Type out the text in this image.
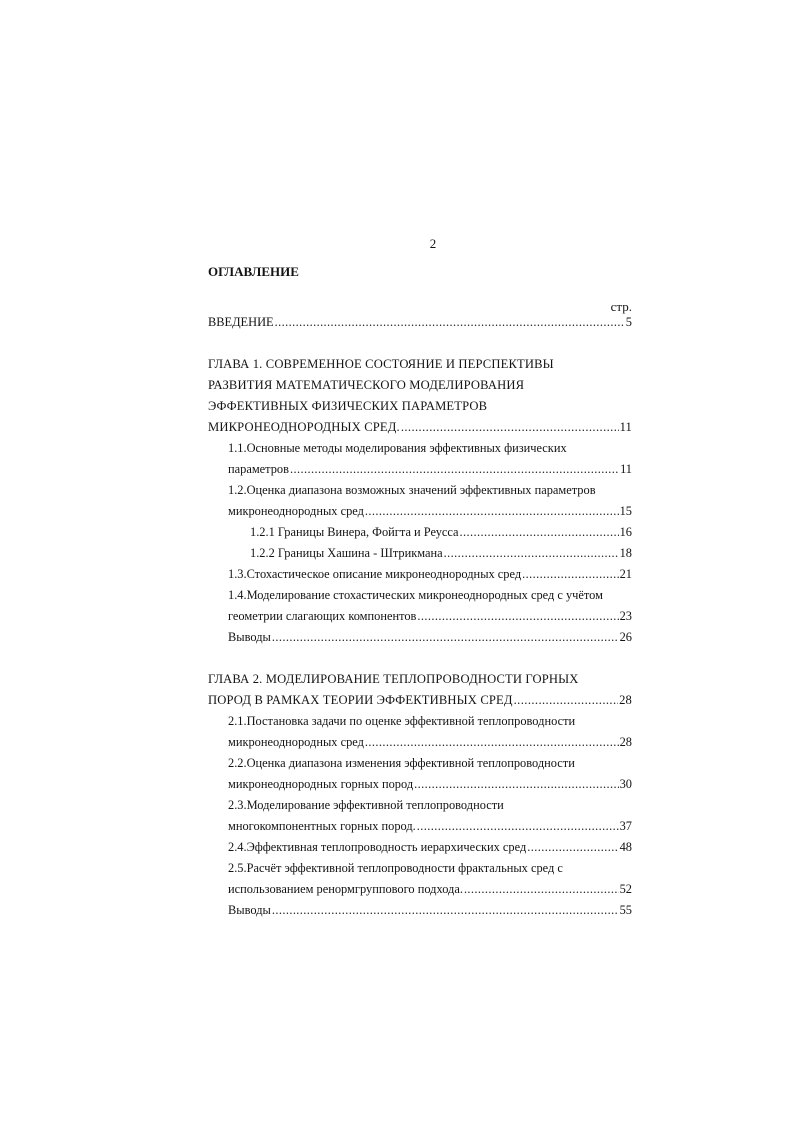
2
ОГЛАВЛЕНИЕ
стр.
ВВЕДЕНИЕ .....	5
ГЛАВА 1. СОВРЕМЕННОЕ СОСТОЯНИЕ И ПЕРСПЕКТИВЫ
РАЗВИТИЯ МАТЕМАТИЧЕСКОГО МОДЕЛИРОВАНИЯ
ЭФФЕКТИВНЫХ ФИЗИЧЕСКИХ ПАРАМЕТРОВ
МИКРОНЕОДНОРОДНЫХ СРЕД. .....	11
1.1.Основные методы моделирования эффективных физических
параметров .....	11
1.2.Оценка диапазона возможных значений эффективных параметров
микронеоднородных сред .....	15
1.2.1 Границы Винера, Фойгта и Реусса .....	16
1.2.2 Границы Хашина - Штрикмана .....	18
1.3.Стохастическое описание микронеоднородных сред .....	21
1.4.Моделирование стохастических микронеоднородных сред с учётом
геометрии слагающих компонентов .....	23
Выводы .....	26
ГЛАВА 2. МОДЕЛИРОВАНИЕ ТЕПЛОПРОВОДНОСТИ ГОРНЫХ
ПОРОД В РАМКАХ ТЕОРИИ ЭФФЕКТИВНЫХ СРЕД .....	28
2.1.Постановка задачи по оценке эффективной теплопроводности
микронеоднородных сред .....	28
2.2.Оценка диапазона изменения эффективной теплопроводности
микронеоднородных горных пород .....	30
2.3.Моделирование эффективной теплопроводности
многокомпонентных горных пород. .....	37
2.4.Эффективная теплопроводность иерархических сред .....	48
2.5.Расчёт эффективной теплопроводности фрактальных сред с
использованием ренормгруппового подхода. .....	52
Выводы .....	55
